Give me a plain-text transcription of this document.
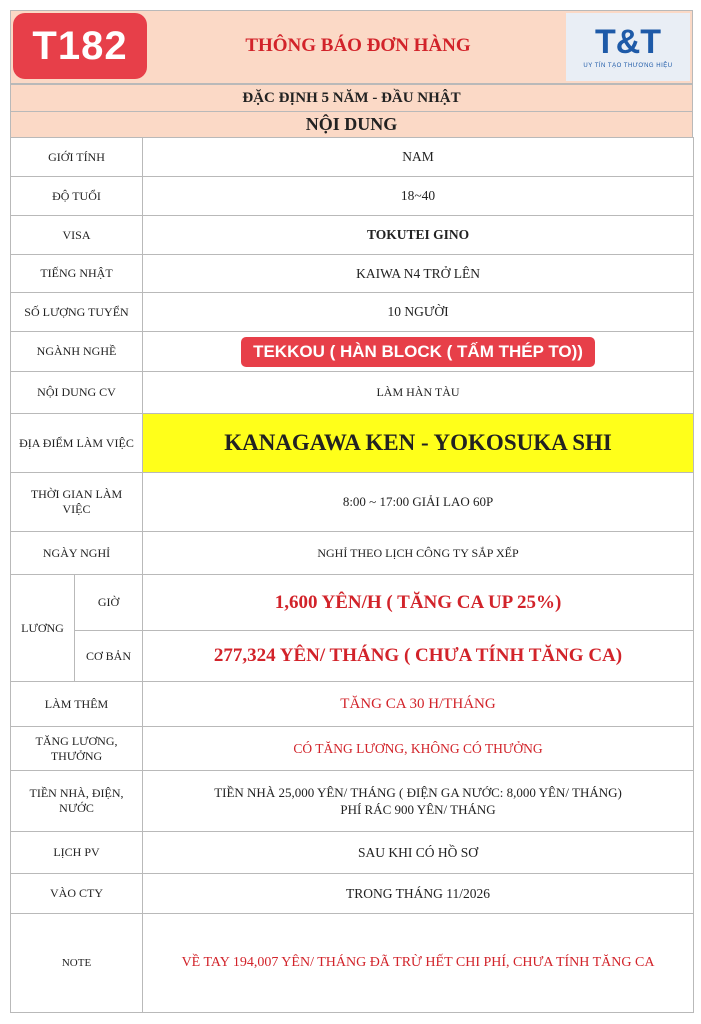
T182	THÔNG BÁO ĐƠN HÀNG	T&T
UY TÍN TẠO THƯƠNG HIỆU
ĐẶC ĐỊNH 5 NĂM - ĐẦU NHẬT
NỘI DUNG
GIỚI TÍNH		NAM
ĐỘ TUỔI		18~40
VISA		TOKUTEI GINO
TIẾNG NHẬT		KAIWA N4 TRỞ LÊN
SỐ LƯỢNG TUYỂN		10 NGƯỜI
NGÀNH NGHỀ		TEKKOU ( HÀN BLOCK ( TẤM THÉP TO))
NỘI DUNG CV		LÀM HÀN TÀU
ĐỊA ĐIỂM LÀM VIỆC		KANAGAWA KEN - YOKOSUKA SHI
THỜI GIAN LÀM VIỆC		8:00 ~ 17:00 GIẢI LAO 60P
NGÀY NGHỈ		NGHỈ THEO LỊCH CÔNG TY SẮP XẾP
LƯƠNG	GIỜ	1,600 YÊN/H ( TĂNG CA UP 25%)
	CƠ BẢN	277,324 YÊN/ THÁNG ( CHƯA TÍNH TĂNG CA)
LÀM THÊM		TĂNG CA 30 H/THÁNG
TĂNG LƯƠNG, THƯỞNG		CÓ TĂNG LƯƠNG, KHÔNG CÓ THƯỞNG
TIỀN NHÀ, ĐIỆN, NƯỚC		TIỀN NHÀ 25,000 YÊN/ THÁNG ( ĐIỆN GA NƯỚC: 8,000 YÊN/ THÁNG)
PHÍ RÁC 900 YÊN/ THÁNG

LỊCH PV		SAU KHI CÓ HỒ SƠ
VÀO CTY		TRONG THÁNG 11/2026
NOTE		VỀ TAY 194,007 YÊN/ THÁNG ĐÃ TRỪ HẾT CHI PHÍ, CHƯA TÍNH TĂNG CA
